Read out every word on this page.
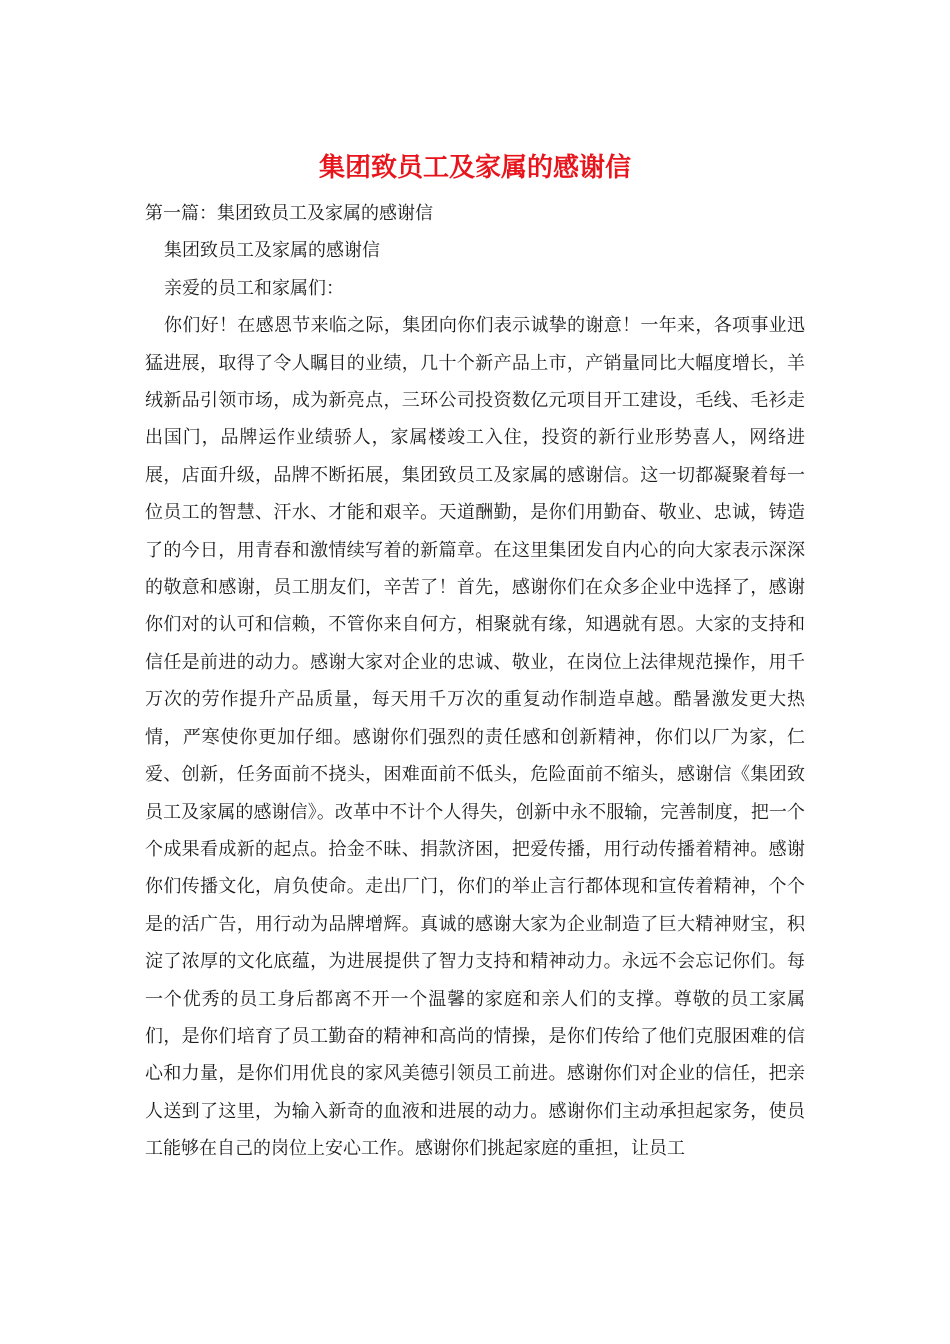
集团致员工及家属的感谢信

第一篇：集团致员工及家属的感谢信

集团致员工及家属的感谢信

亲爱的员工和家属们：

你们好！在感恩节来临之际，集团向你们表示诚挚的谢意！一年来，各项事业迅猛进展，取得了令人瞩目的业绩，几十个新产品上市，产销量同比大幅度增长，羊绒新品引领市场，成为新亮点，三环公司投资数亿元项目开工建设，毛线、毛衫走出国门，品牌运作业绩骄人，家属楼竣工入住，投资的新行业形势喜人，网络进展，店面升级，品牌不断拓展，集团致员工及家属的感谢信。这一切都凝聚着每一位员工的智慧、汗水、才能和艰辛。天道酬勤，是你们用勤奋、敬业、忠诚，铸造了的今日，用青春和激情续写着的新篇章。在这里集团发自内心的向大家表示深深的敬意和感谢，员工朋友们，辛苦了！首先，感谢你们在众多企业中选择了，感谢你们对的认可和信赖，不管你来自何方，相聚就有缘，知遇就有恩。大家的支持和信任是前进的动力。感谢大家对企业的忠诚、敬业，在岗位上法律规范操作，用千万次的劳作提升产品质量，每天用千万次的重复动作制造卓越。酷暑激发更大热情，严寒使你更加仔细。感谢你们强烈的责任感和创新精神，你们以厂为家，仁爱、创新，任务面前不挠头，困难面前不低头，危险面前不缩头，感谢信《集团致员工及家属的感谢信》。改革中不计个人得失，创新中永不服输，完善制度，把一个个成果看成新的起点。拾金不昧、捐款济困，把爱传播，用行动传播着精神。感谢你们传播文化，肩负使命。走出厂门，你们的举止言行都体现和宣传着精神，个个是的活广告，用行动为品牌增辉。真诚的感谢大家为企业制造了巨大精神财宝，积淀了浓厚的文化底蕴，为进展提供了智力支持和精神动力。永远不会忘记你们。每一个优秀的员工身后都离不开一个温馨的家庭和亲人们的支撑。尊敬的员工家属们，是你们培育了员工勤奋的精神和高尚的情操，是你们传给了他们克服困难的信心和力量，是你们用优良的家风美德引领员工前进。感谢你们对企业的信任，把亲人送到了这里，为输入新奇的血液和进展的动力。感谢你们主动承担起家务，使员工能够在自己的岗位上安心工作。感谢你们挑起家庭的重担，让员工
